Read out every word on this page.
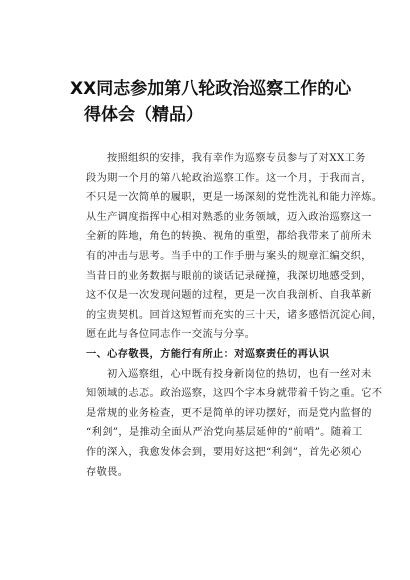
XX同志参加第八轮政治巡察工作的心
得体会（精品）
按照组织的安排，我有幸作为巡察专员参与了对XX工务
段为期一个月的第八轮政治巡察工作。这一个月，于我而言，
不只是一次简单的履职，更是一场深刻的党性洗礼和能力淬炼。
从生产调度指挥中心相对熟悉的业务领域，迈入政治巡察这一
全新的阵地，角色的转换、视角的重塑，都给我带来了前所未
有的冲击与思考。当手中的工作手册与案头的规章汇编交织，
当昔日的业务数据与眼前的谈话记录碰撞，我深切地感受到，
这不仅是一次发现问题的过程，更是一次自我剖析、自我革新
的宝贵契机。回首这短暂而充实的三十天，诸多感悟沉淀心间，
愿在此与各位同志作一交流与分享。
一、心存敬畏，方能行有所止：对巡察责任的再认识
初入巡察组，心中既有投身新岗位的热切，也有一丝对未
知领域的忐忑。政治巡察，这四个字本身就带着千钧之重。它不
是常规的业务检查，更不是简单的评功摆好，而是党内监督的
“利剑”，是推动全面从严治党向基层延伸的“前哨”。随着工
作的深入，我愈发体会到，要用好这把“利剑”，首先必须心
存敬畏。
